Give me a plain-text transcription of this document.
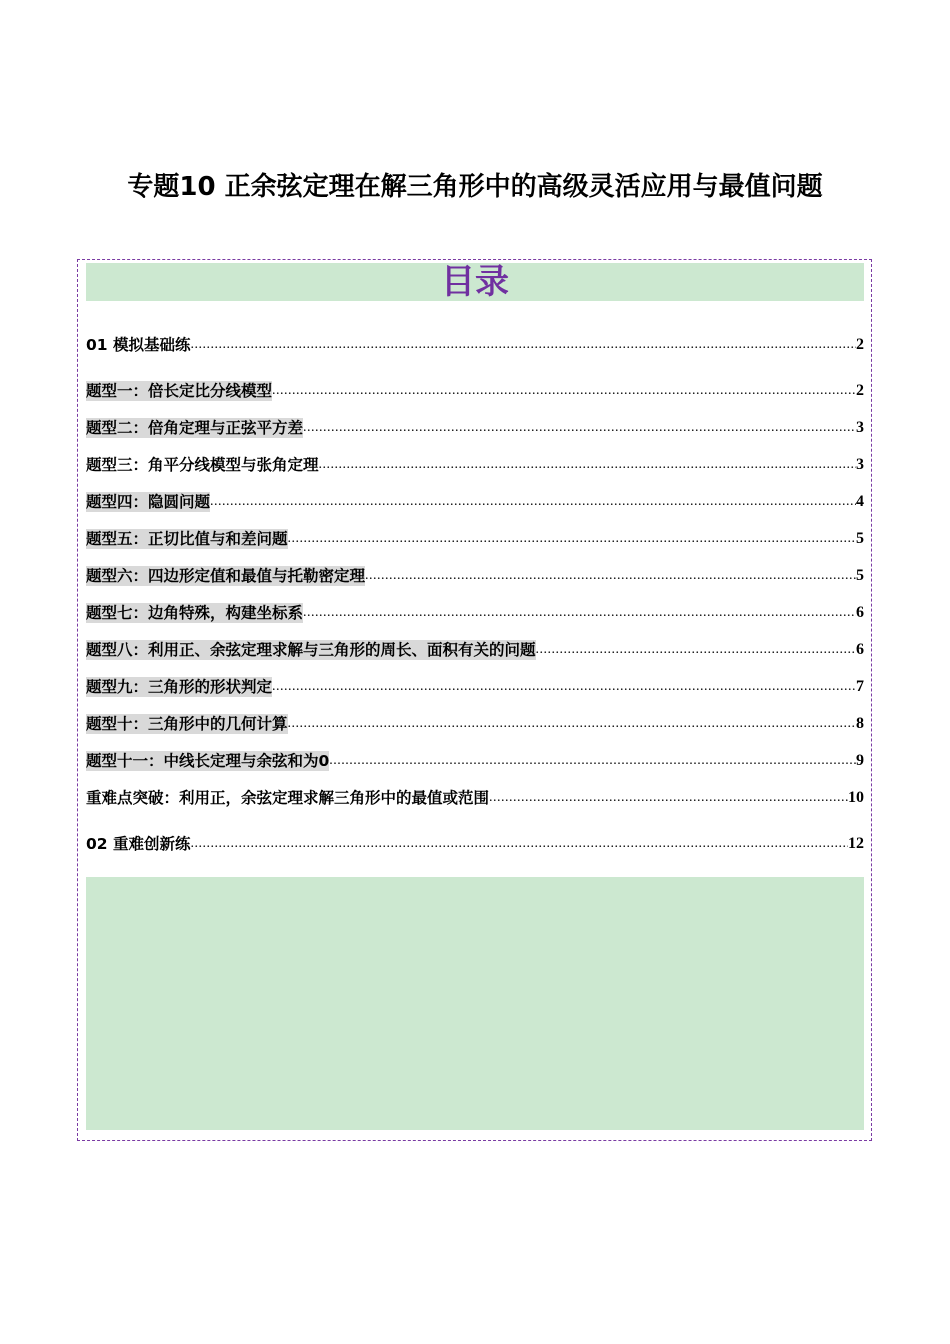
专题10 正余弦定理在解三角形中的高级灵活应用与最值问题
目录
01 模拟基础练 .....	2
题型一：倍长定比分线模型 .....	2
题型二：倍角定理与正弦平方差 .....	3
题型三：角平分线模型与张角定理 .....	3
题型四：隐圆问题 .....	4
题型五：正切比值与和差问题 .....	5
题型六：四边形定值和最值与托勒密定理 .....	5
题型七：边角特殊，构建坐标系 .....	6
题型八：利用正、余弦定理求解与三角形的周长、面积有关的问题 .....	6
题型九：三角形的形状判定 .....	7
题型十：三角形中的几何计算 .....	8
题型十一：中线长定理与余弦和为0 .....	9
重难点突破：利用正，余弦定理求解三角形中的最值或范围 .....	10
02 重难创新练 .....	12
